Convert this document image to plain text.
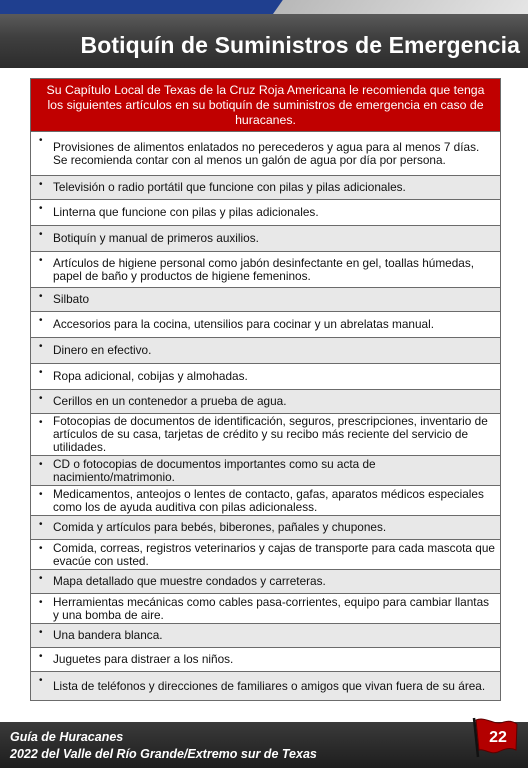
Botiquín de Suministros de Emergencia
Su Capítulo Local de Texas de la Cruz Roja Americana le recomienda que tenga los siguientes artículos en su botiquín de suministros de emergencia en caso de huracanes.
• Provisiones de alimentos enlatados no perecederos y agua para al menos 7 días. Se recomienda contar con al menos un galón de agua por día por persona.
• Televisión o radio portátil que funcione con pilas y pilas adicionales.
• Linterna que funcione con pilas y pilas adicionales.
• Botiquín y manual de primeros auxilios.
• Artículos de higiene personal como jabón desinfectante en gel, toallas húmedas, papel de baño y productos de higiene femeninos.
• Silbato
• Accesorios para la cocina, utensilios para cocinar y un abrelatas manual.
• Dinero en efectivo.
• Ropa adicional, cobijas y almohadas.
• Cerillos en un contenedor a prueba de agua.
• Fotocopias de documentos de identificación, seguros, prescripciones, inventario de artículos de su casa, tarjetas de crédito y su recibo más reciente del servicio de utilidades.
• CD o fotocopias de documentos importantes como su acta de nacimiento/matrimonio.
• Medicamentos, anteojos o lentes de contacto, gafas, aparatos médicos especiales como los de ayuda auditiva con pilas adicionaless.
• Comida y artículos para bebés, biberones, pañales y chupones.
• Comida, correas, registros veterinarios y cajas de transporte para cada mascota que evacúe con usted.
• Mapa detallado que muestre condados y carreteras.
• Herramientas mecánicas como cables pasa-corrientes, equipo para cambiar llantas y una bomba de aire.
• Una bandera blanca.
• Juguetes para distraer a los niños.
• Lista de teléfonos y direcciones de familiares o amigos que vivan fuera de su área.
Guía de Huracanes
2022 del Valle del Río Grande/Extremo sur de Texas
22
